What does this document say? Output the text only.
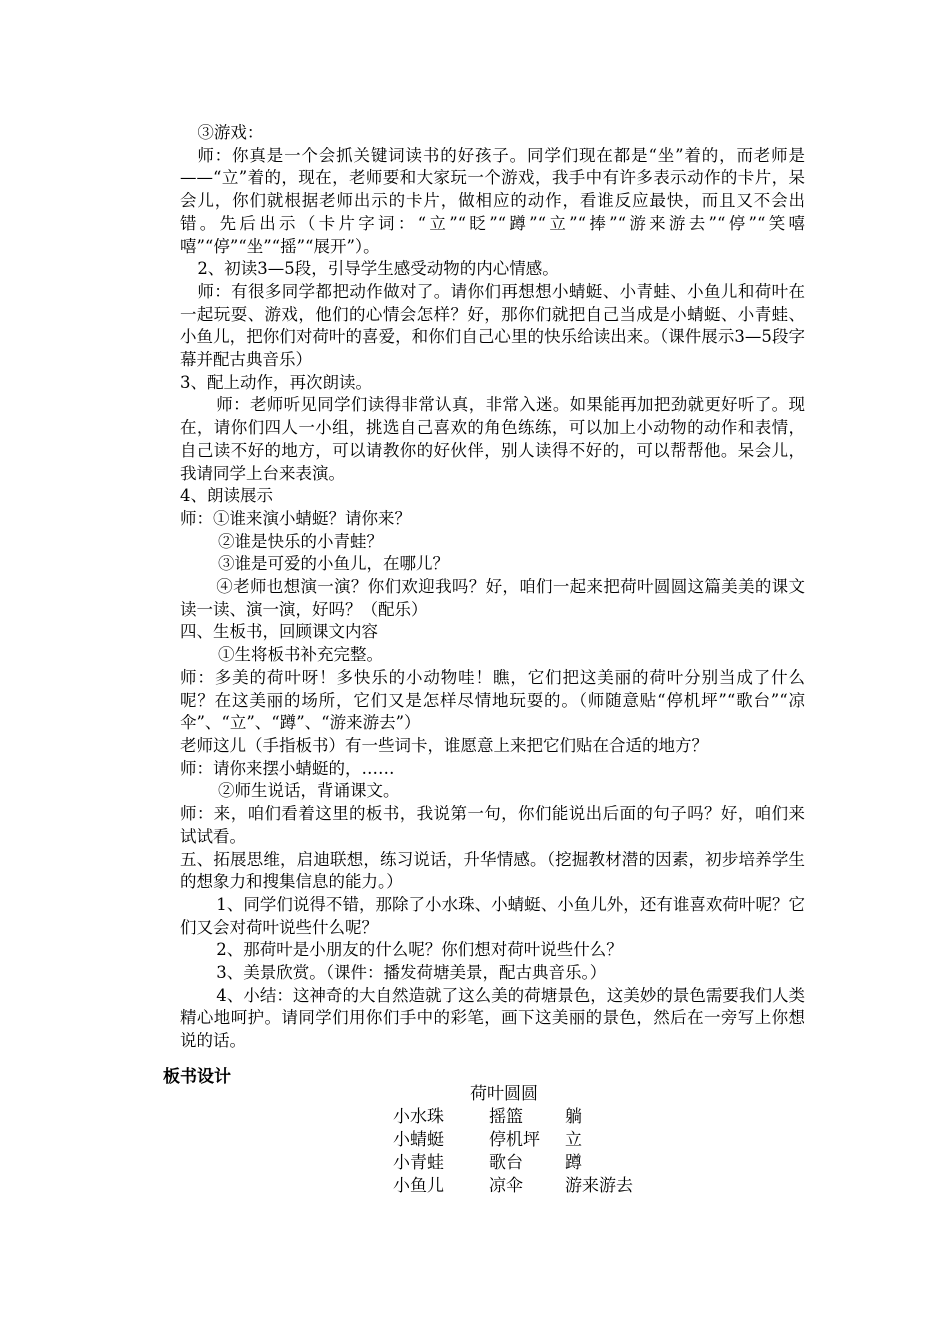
③游戏：

师：你真是一个会抓关键词读书的好孩子。同学们现在都是“坐”着的，而老师是——“立”着的，现在，老师要和大家玩一个游戏，我手中有许多表示动作的卡片，呆会儿，你们就根据老师出示的卡片，做相应的动作，看谁反应最快，而且又不会出错。先后出示（卡片字词：“立”“眨”“蹲”“立”“捧”“游来游去”“停”“笑嘻嘻”“停”“坐”“摇”“展开”）。

2、初读3—5段，引导学生感受动物的内心情感。

师：有很多同学都把动作做对了。请你们再想想小蜻蜓、小青蛙、小鱼儿和荷叶在一起玩耍、游戏，他们的心情会怎样？好，那你们就把自己当成是小蜻蜓、小青蛙、小鱼儿，把你们对荷叶的喜爱，和你们自己心里的快乐给读出来。（课件展示3—5段字幕并配古典音乐）

3、配上动作，再次朗读。

师：老师听见同学们读得非常认真，非常入迷。如果能再加把劲就更好听了。现在，请你们四人一小组，挑选自己喜欢的角色练练，可以加上小动物的动作和表情，自己读不好的地方，可以请教你的好伙伴，别人读得不好的，可以帮帮他。呆会儿，我请同学上台来表演。

4、朗读展示

师：①谁来演小蜻蜓？请你来？

②谁是快乐的小青蛙？

③谁是可爱的小鱼儿，在哪儿？

④老师也想演一演？你们欢迎我吗？好，咱们一起来把荷叶圆圆这篇美美的课文读一读、演一演，好吗？（配乐）

四、生板书，回顾课文内容

①生将板书补充完整。

师：多美的荷叶呀！多快乐的小动物哇！瞧，它们把这美丽的荷叶分别当成了什么呢？在这美丽的场所，它们又是怎样尽情地玩耍的。（师随意贴“停机坪”“歌台”“凉伞”、“立”、“蹲”、“游来游去”）

老师这儿（手指板书）有一些词卡，谁愿意上来把它们贴在合适的地方？

师：请你来摆小蜻蜓的，……

②师生说话，背诵课文。

师：来，咱们看着这里的板书，我说第一句，你们能说出后面的句子吗？好，咱们来试试看。

五、拓展思维，启迪联想，练习说话，升华情感。（挖掘教材潜的因素，初步培养学生的想象力和搜集信息的能力。）

1、同学们说得不错，那除了小水珠、小蜻蜓、小鱼儿外，还有谁喜欢荷叶呢？它们又会对荷叶说些什么呢？

2、那荷叶是小朋友的什么呢？你们想对荷叶说些什么？

3、美景欣赏。（课件：播发荷塘美景，配古典音乐。）

4、小结：这神奇的大自然造就了这么美的荷塘景色，这美妙的景色需要我们人类精心地呵护。请同学们用你们手中的彩笔，画下这美丽的景色，然后在一旁写上你想说的话。

板书设计
荷叶圆圆
小水珠	摇篮 躺
小蜻蜓	停机坪 立
小青蛙	歌台 蹲
小鱼儿	凉伞 游来游去
